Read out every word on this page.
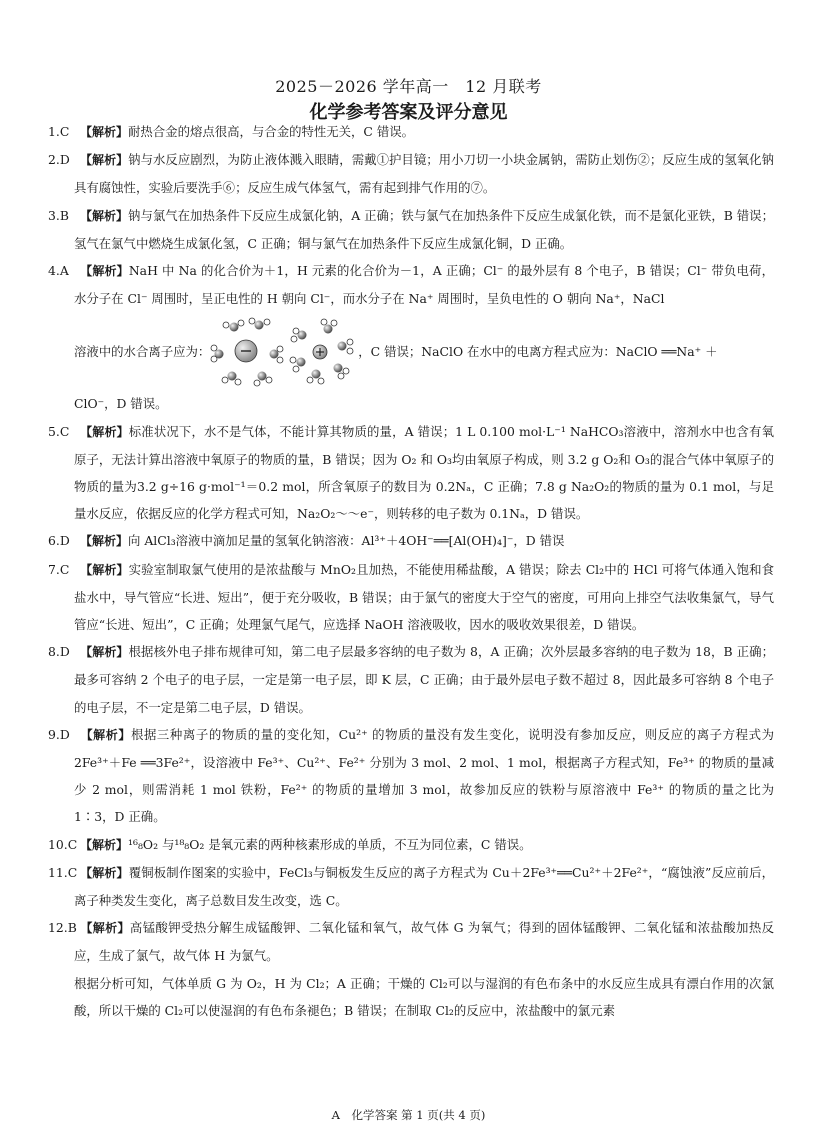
2025－2026 学年高一　12 月联考
化学参考答案及评分意见

1.C 【解析】耐热合金的熔点很高，与合金的特性无关，C 错误。

2.D 【解析】钠与水反应剧烈，为防止液体溅入眼睛，需戴①护目镜；用小刀切一小块金属钠，需防止划伤②；反应生成的氢氧化钠具有腐蚀性，实验后要洗手⑥；反应生成气体氢气，需有起到排气作用的⑦。

3.B 【解析】钠与氯气在加热条件下反应生成氯化钠，A 正确；铁与氯气在加热条件下反应生成氯化铁，而不是氯化亚铁，B 错误；氢气在氯气中燃烧生成氯化氢，C 正确；铜与氯气在加热条件下反应生成氯化铜，D 正确。

4.A 【解析】NaH 中 Na 的化合价为＋1，H 元素的化合价为－1，A 正确；Cl⁻ 的最外层有 8 个电子，B 错误；Cl⁻ 带负电荷，水分子在 Cl⁻ 周围时，呈正电性的 H 朝向 Cl⁻，而水分子在 Na⁺ 周围时，呈负电性的 O 朝向 Na⁺，NaCl

溶液中的水合离子应为：	，C 错误；NaClO 在水中的电离方程式应为：NaClO ══Na⁺ ＋

ClO⁻，D 错误。

5.C 【解析】标准状况下，水不是气体，不能计算其物质的量，A 错误；1 L 0.100 mol·L⁻¹ NaHCO₃溶液中，溶剂水中也含有氧原子，无法计算出溶液中氧原子的物质的量，B 错误；因为 O₂ 和 O₃均由氧原子构成，则 3.2 g O₂和 O₃的混合气体中氧原子的物质的量为3.2 g÷16 g·mol⁻¹＝0.2 mol，所含氧原子的数目为 0.2Nₐ，C 正确；7.8 g Na₂O₂的物质的量为 0.1 mol，与足量水反应，依据反应的化学方程式可知，Na₂O₂～～e⁻，则转移的电子数为 0.1Nₐ，D 错误。

6.D 【解析】向 AlCl₃溶液中滴加足量的氢氧化钠溶液：Al³⁺＋4OH⁻══[Al(OH)₄]⁻，D 错误

7.C 【解析】实验室制取氯气使用的是浓盐酸与 MnO₂且加热，不能使用稀盐酸，A 错误；除去 Cl₂中的 HCl 可将气体通入饱和食盐水中，导气管应“长进、短出”，便于充分吸收，B 错误；由于氯气的密度大于空气的密度，可用向上排空气法收集氯气，导气管应“长进、短出”，C 正确；处理氯气尾气，应选择 NaOH 溶液吸收，因水的吸收效果很差，D 错误。

8.D 【解析】根据核外电子排布规律可知，第二电子层最多容纳的电子数为 8，A 正确；次外层最多容纳的电子数为 18，B 正确；最多可容纳 2 个电子的电子层，一定是第一电子层，即 K 层，C 正确；由于最外层电子数不超过 8，因此最多可容纳 8 个电子的电子层，不一定是第二电子层，D 错误。

9.D 【解析】根据三种离子的物质的量的变化知，Cu²⁺ 的物质的量没有发生变化，说明没有参加反应，则反应的离子方程式为 2Fe³⁺＋Fe ══3Fe²⁺，设溶液中 Fe³⁺、Cu²⁺、Fe²⁺ 分别为 3 mol、2 mol、1 mol，根据离子方程式知，Fe³⁺ 的物质的量减少 2 mol，则需消耗 1 mol 铁粉，Fe²⁺ 的物质的量增加 3 mol，故参加反应的铁粉与原溶液中 Fe³⁺ 的物质的量之比为 1∶3，D 正确。

10.C 【解析】¹⁶₈O₂ 与¹⁸₈O₂ 是氧元素的两种核素形成的单质，不互为同位素，C 错误。

11.C 【解析】覆铜板制作图案的实验中，FeCl₃与铜板发生反应的离子方程式为 Cu＋2Fe³⁺══Cu²⁺＋2Fe²⁺，“腐蚀液”反应前后，离子种类发生变化，离子总数目发生改变，选 C。

12.B 【解析】高锰酸钾受热分解生成锰酸钾、二氧化锰和氧气，故气体 G 为氧气；得到的固体锰酸钾、二氧化锰和浓盐酸加热反应，生成了氯气，故气体 H 为氯气。

根据分析可知，气体单质 G 为 O₂，H 为 Cl₂；A 正确；干燥的 Cl₂可以与湿润的有色布条中的水反应生成具有漂白作用的次氯酸，所以干燥的 Cl₂可以使湿润的有色布条褪色；B 错误；在制取 Cl₂的反应中，浓盐酸中的氯元素

A　化学答案 第 1 页(共 4 页)
